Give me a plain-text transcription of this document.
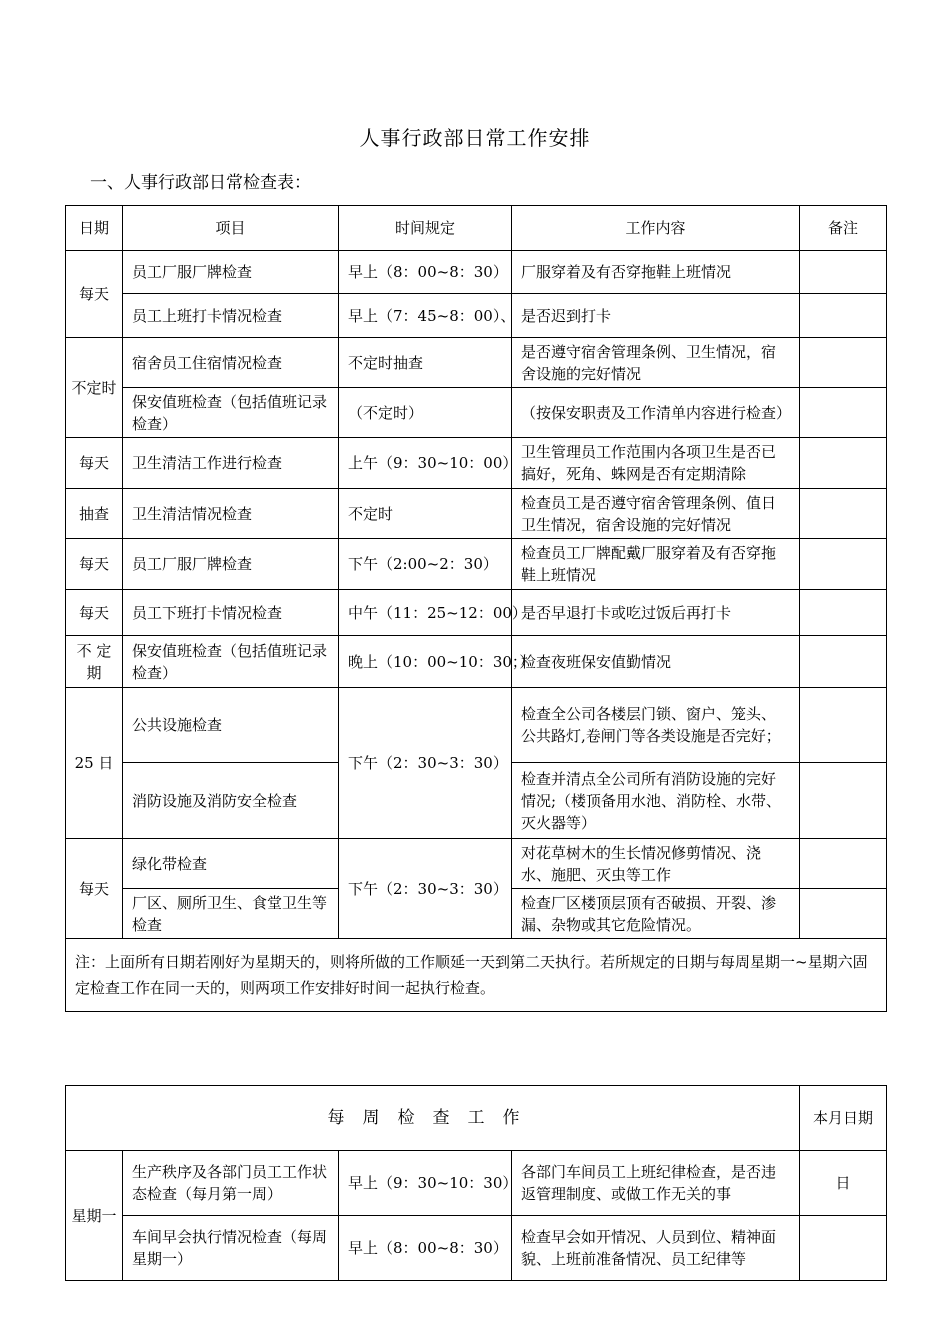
人事行政部日常工作安排
一、人事行政部日常检查表：
日期	项目	时间规定	工作内容	备注
每天	员工厂服厂牌检查	早上（8：00~8：30）	厂服穿着及有否穿拖鞋上班情况	
	员工上班打卡情况检查	早上（7：45~8：00）、	是否迟到打卡	
不定时	宿舍员工住宿情况检查	不定时抽查	是否遵守宿舍管理条例、卫生情况，宿舍设施的完好情况	
	保安值班检查（包括值班记录检查）	（不定时）	（按保安职责及工作清单内容进行检查）	
每天	卫生清洁工作进行检查	上午（9：30~10：00）	卫生管理员工作范围内各项卫生是否已搞好，死角、蛛网是否有定期清除	
抽查	卫生清洁情况检查	不定时	检查员工是否遵守宿舍管理条例、值日卫生情况，宿舍设施的完好情况	
每天	员工厂服厂牌检查	下午（2:00~2：30）	检查员工厂牌配戴厂服穿着及有否穿拖鞋上班情况	
每天	员工下班打卡情况检查	中午（11：25~12：00）	是否早退打卡或吃过饭后再打卡	
不 定 期	保安值班检查（包括值班记录检查）	晚上（10：00~10：30；）	检查夜班保安值勤情况	
25 日	公共设施检查	下午（2：30~3：30）	检查全公司各楼层门锁、窗户、笼头、公共路灯,卷闸门等各类设施是否完好；	
	消防设施及消防安全检查		检查并清点全公司所有消防设施的完好情况;（楼顶备用水池、消防栓、水带、灭火器等）	
每天	绿化带检查	下午（2：30~3：30）	对花草树木的生长情况修剪情况、浇水、施肥、灭虫等工作	
	厂区、厕所卫生、食堂卫生等检查		检查厂区楼顶层顶有否破损、开裂、渗漏、杂物或其它危险情况。	
注：上面所有日期若刚好为星期天的，则将所做的工作顺延一天到第二天执行。若所规定的日期与每周星期一~星期六固定检查工作在同一天的，则两项工作安排好时间一起执行检查。				
每周检查工作				本月日期
星期一	生产秩序及各部门员工工作状态检查（每月第一周）	早上（9：30~10：30）	各部门车间员工上班纪律检查，是否违返管理制度、或做工作无关的事	日
	车间早会执行情况检查（每周星期一）	早上（8：00~8：30）	检查早会如开情况、人员到位、精神面貌、上班前准备情况、员工纪律等	
